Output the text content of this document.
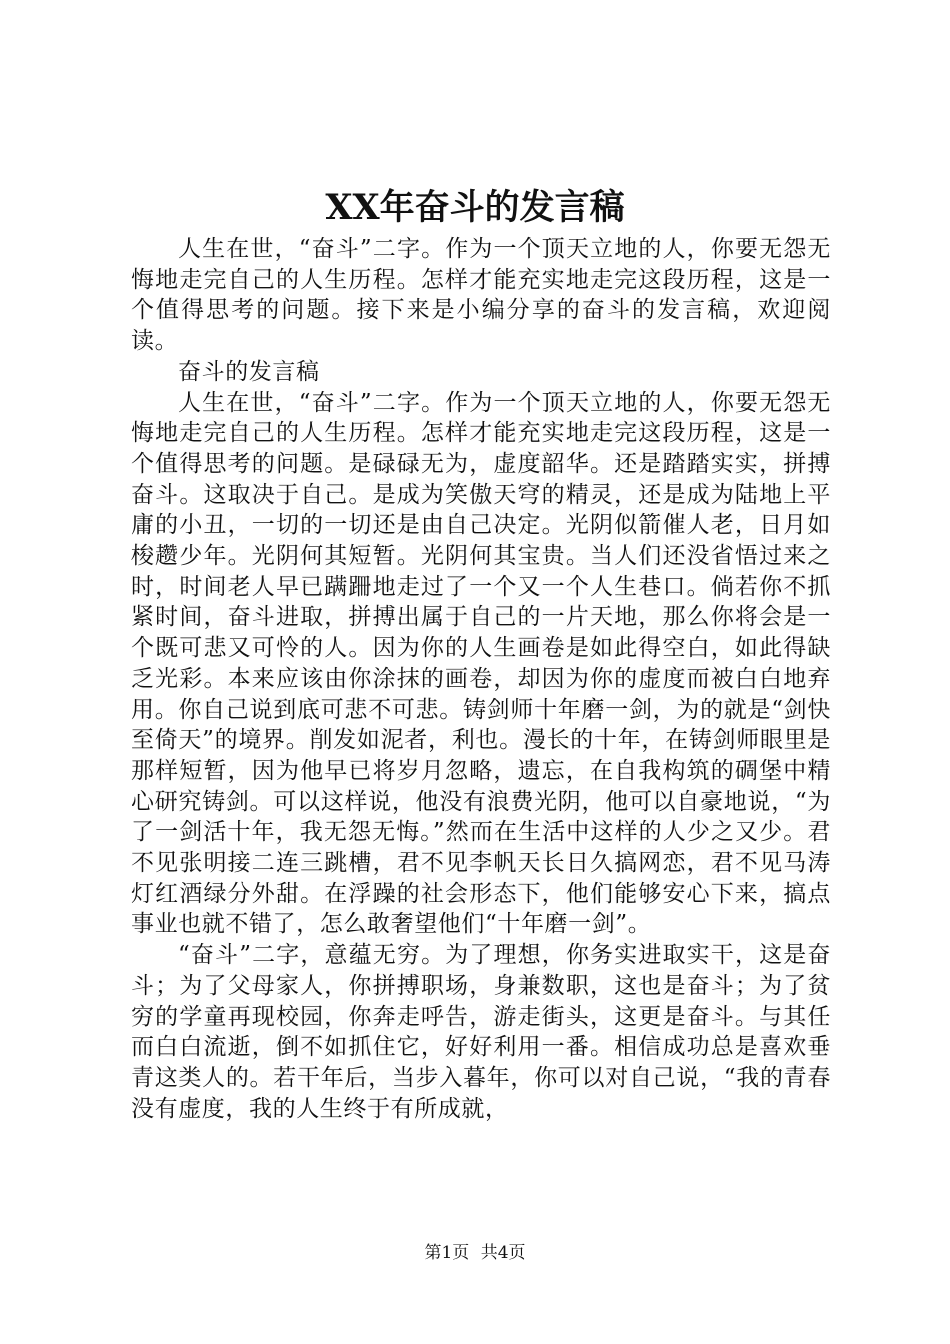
XX年奋斗的发言稿

人生在世，“奋斗”二字。作为一个顶天立地的人，你要无怨无悔地走完自己的人生历程。怎样才能充实地走完这段历程，这是一个值得思考的问题。接下来是小编分享的奋斗的发言稿，欢迎阅读。

奋斗的发言稿

人生在世，“奋斗”二字。作为一个顶天立地的人，你要无怨无悔地走完自己的人生历程。怎样才能充实地走完这段历程，这是一个值得思考的问题。是碌碌无为，虚度韶华。还是踏踏实实，拼搏奋斗。这取决于自己。是成为笑傲天穹的精灵，还是成为陆地上平庸的小丑，一切的一切还是由自己决定。光阴似箭催人老，日月如梭趱少年。光阴何其短暂。光阴何其宝贵。当人们还没省悟过来之时，时间老人早已蹒跚地走过了一个又一个人生巷口。倘若你不抓紧时间，奋斗进取，拼搏出属于自己的一片天地，那么你将会是一个既可悲又可怜的人。因为你的人生画卷是如此得空白，如此得缺乏光彩。本来应该由你涂抹的画卷，却因为你的虚度而被白白地弃用。你自己说到底可悲不可悲。铸剑师十年磨一剑，为的就是“剑快至倚天”的境界。削发如泥者，利也。漫长的十年，在铸剑师眼里是那样短暂，因为他早已将岁月忽略，遗忘，在自我构筑的碉堡中精心研究铸剑。可以这样说，他没有浪费光阴，他可以自豪地说，“为了一剑活十年，我无怨无悔。”然而在生活中这样的人少之又少。君不见张明接二连三跳槽，君不见李帆天长日久搞网恋，君不见马涛灯红酒绿分外甜。在浮躁的社会形态下，他们能够安心下来，搞点事业也就不错了，怎么敢奢望他们“十年磨一剑”。

“奋斗”二字，意蕴无穷。为了理想，你务实进取实干，这是奋斗；为了父母家人，你拼搏职场，身兼数职，这也是奋斗；为了贫穷的学童再现校园，你奔走呼告，游走街头，这更是奋斗。与其任而白白流逝，倒不如抓住它，好好利用一番。相信成功总是喜欢垂青这类人的。若干年后，当步入暮年，你可以对自己说，“我的青春没有虚度，我的人生终于有所成就，

第1页 共4页
